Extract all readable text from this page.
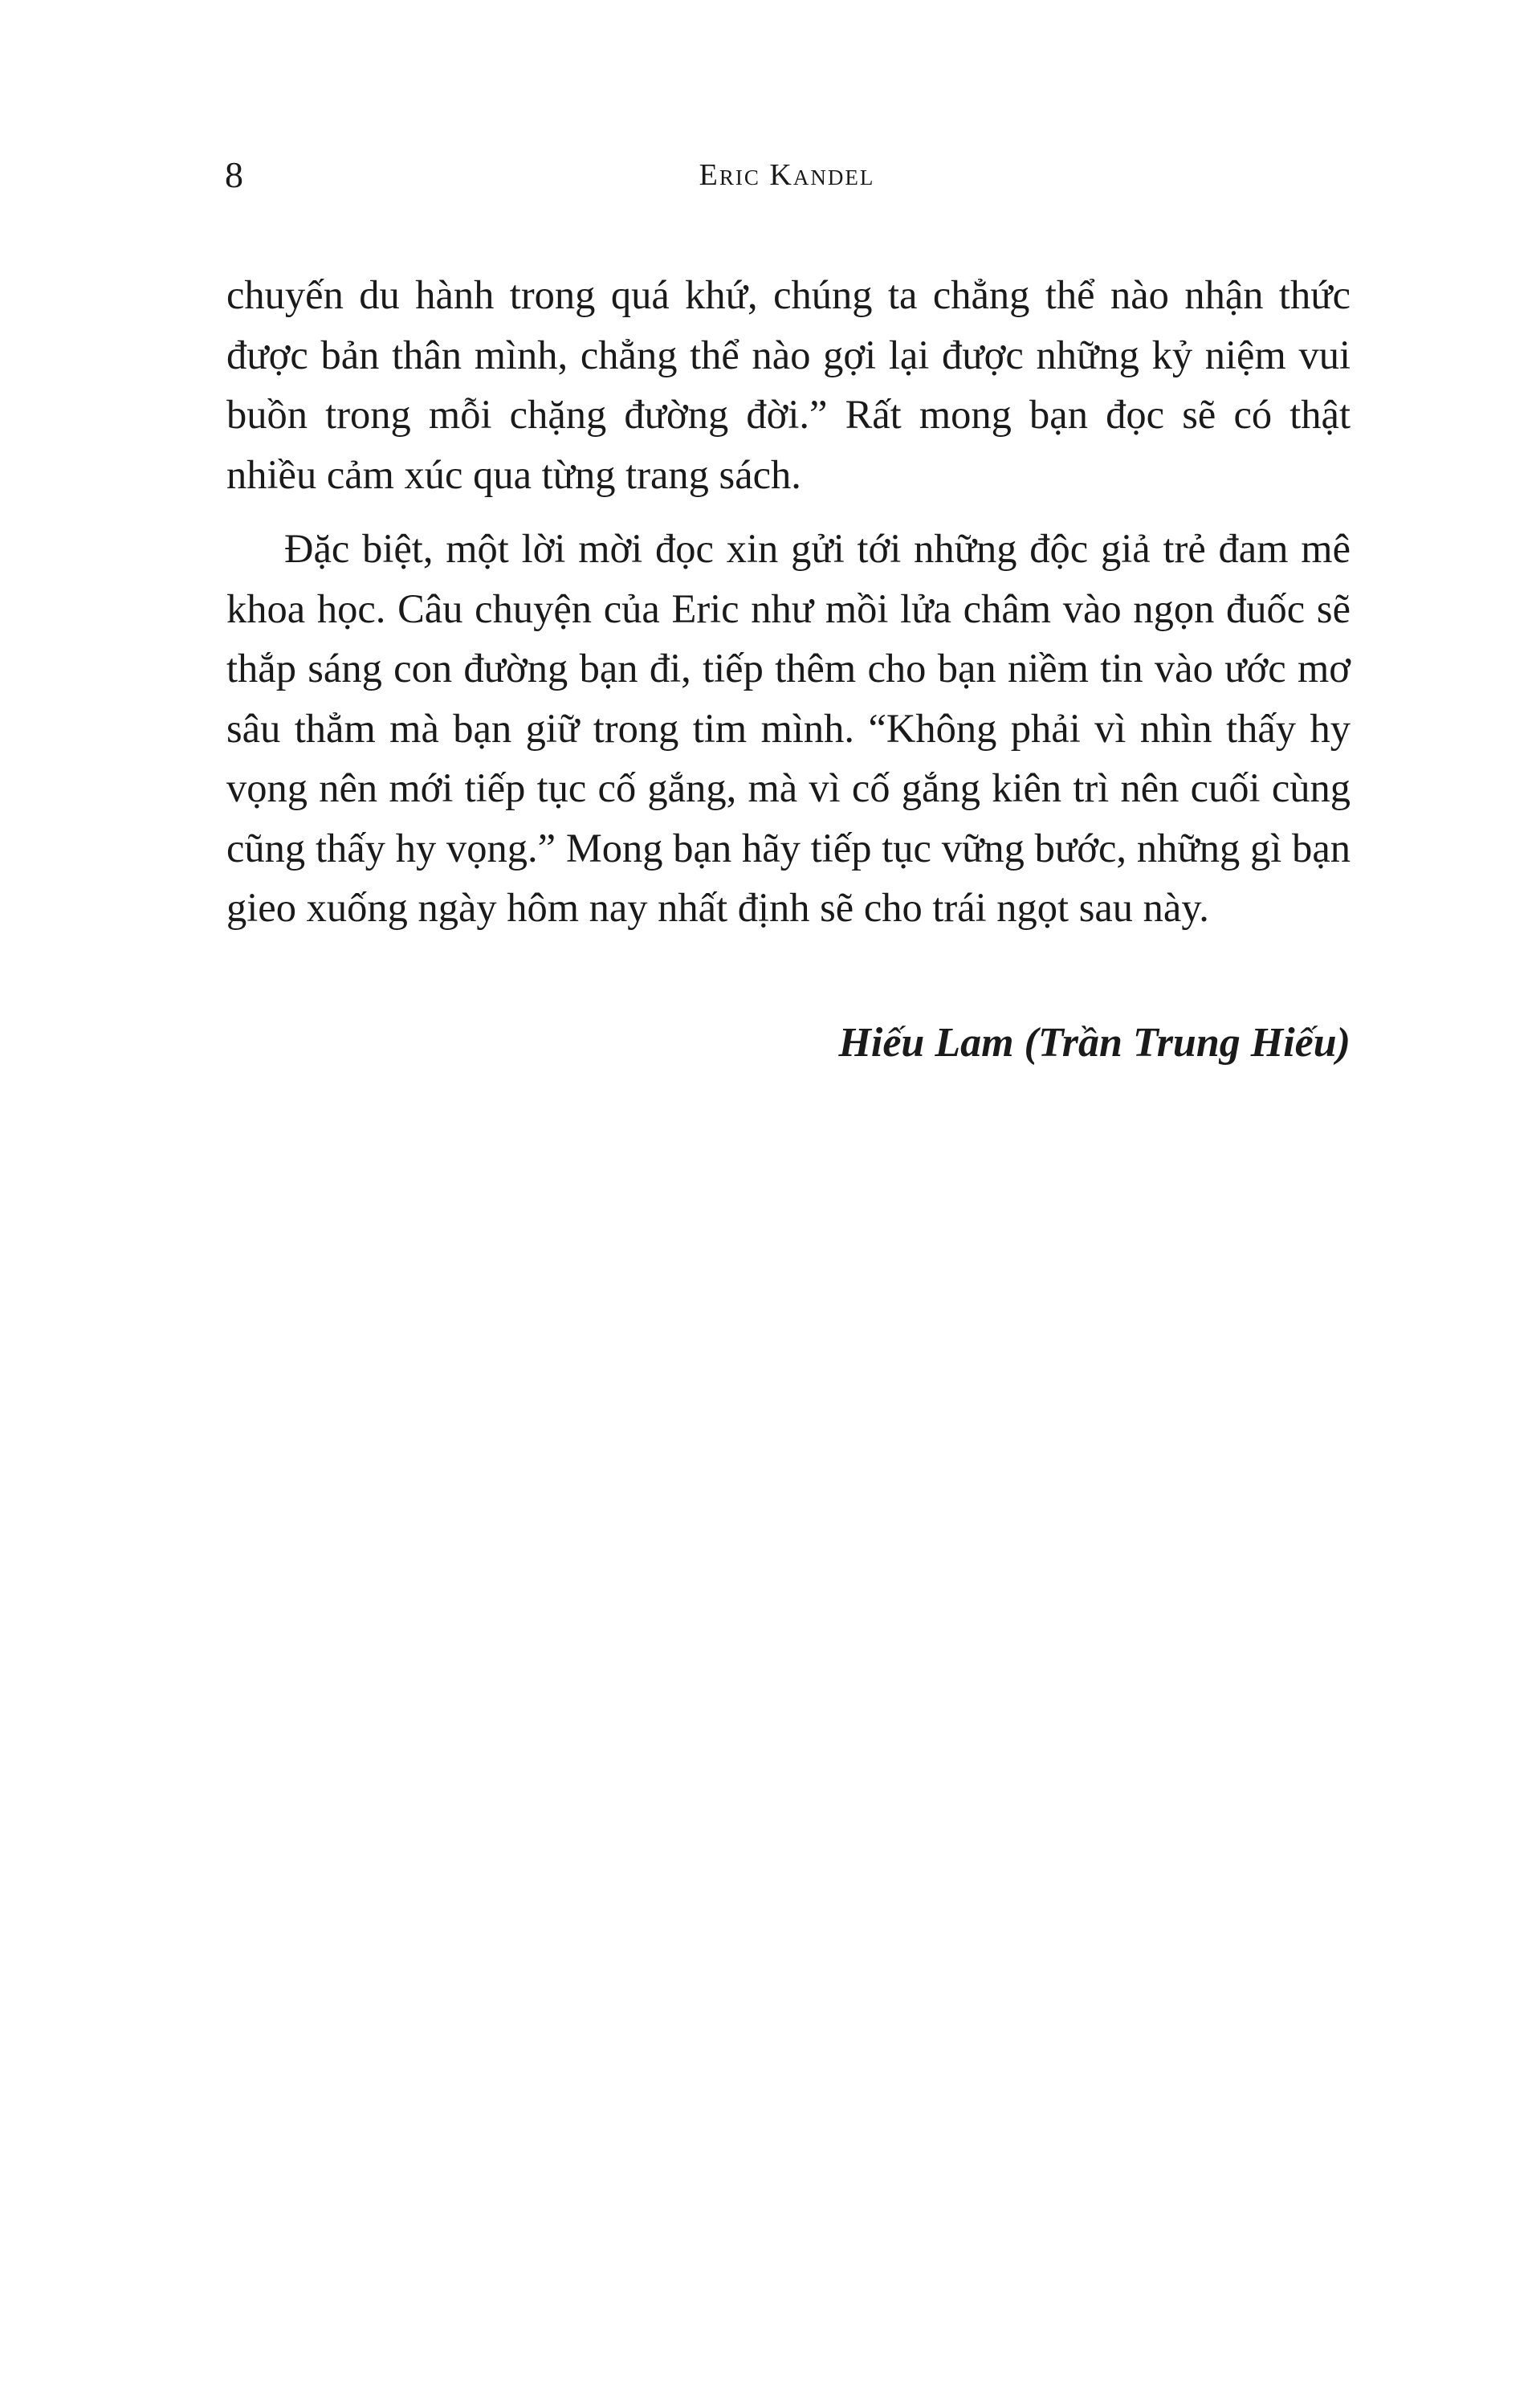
8	Eric Kandel

chuyến du hành trong quá khứ, chúng ta chẳng thể nào nhận thức được bản thân mình, chẳng thể nào gợi lại được những kỷ niệm vui buồn trong mỗi chặng đường đời.” Rất mong bạn đọc sẽ có thật nhiều cảm xúc qua từng trang sách.

Đặc biệt, một lời mời đọc xin gửi tới những độc giả trẻ đam mê khoa học. Câu chuyện của Eric như mồi lửa châm vào ngọn đuốc sẽ thắp sáng con đường bạn đi, tiếp thêm cho bạn niềm tin vào ước mơ sâu thẳm mà bạn giữ trong tim mình. “Không phải vì nhìn thấy hy vọng nên mới tiếp tục cố gắng, mà vì cố gắng kiên trì nên cuối cùng cũng thấy hy vọng.” Mong bạn hãy tiếp tục vững bước, những gì bạn gieo xuống ngày hôm nay nhất định sẽ cho trái ngọt sau này.

Hiếu Lam (Trần Trung Hiếu)
